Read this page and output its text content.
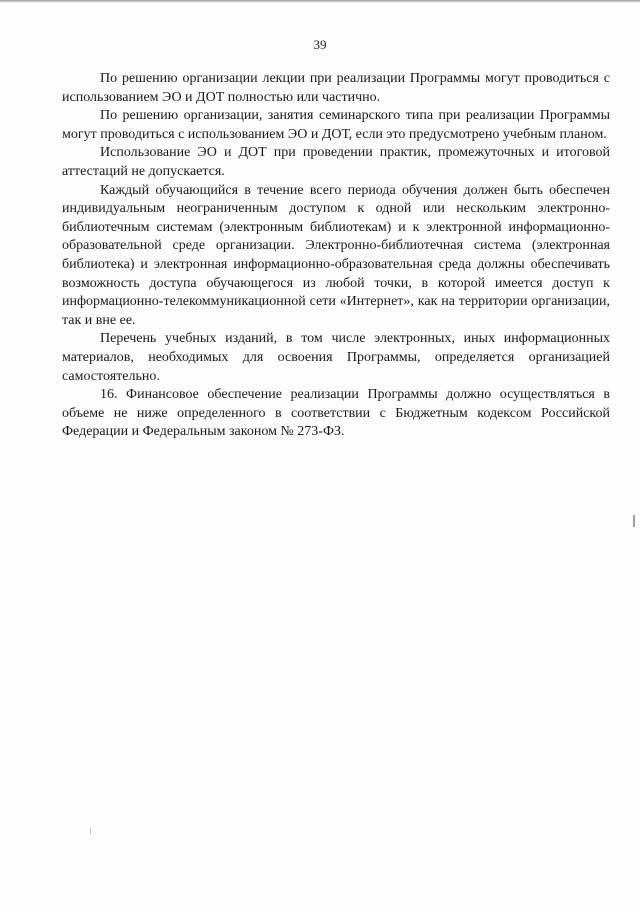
39

По решению организации лекции при реализации Программы могут проводиться с использованием ЭО и ДОТ полностью или частично.

По решению организации, занятия семинарского типа при реализации Программы могут проводиться с использованием ЭО и ДОТ, если это предусмотрено учебным планом.

Использование ЭО и ДОТ при проведении практик, промежуточных и итоговой аттестаций не допускается.

Каждый обучающийся в течение всего периода обучения должен быть обеспечен индивидуальным неограниченным доступом к одной или нескольким электронно-библиотечным системам (электронным библиотекам) и к электронной информационно-образовательной среде организации. Электронно-библиотечная система (электронная библиотека) и электронная информационно-образовательная среда должны обеспечивать возможность доступа обучающегося из любой точки, в которой имеется доступ к информационно-телекоммуникационной сети «Интернет», как на территории организации, так и вне ее.

Перечень учебных изданий, в том числе электронных, иных информационных материалов, необходимых для освоения Программы, определяется организацией самостоятельно.

16. Финансовое обеспечение реализации Программы должно осуществляться в объеме не ниже определенного в соответствии с Бюджетным кодексом Российской Федерации и Федеральным законом № 273-ФЗ.
